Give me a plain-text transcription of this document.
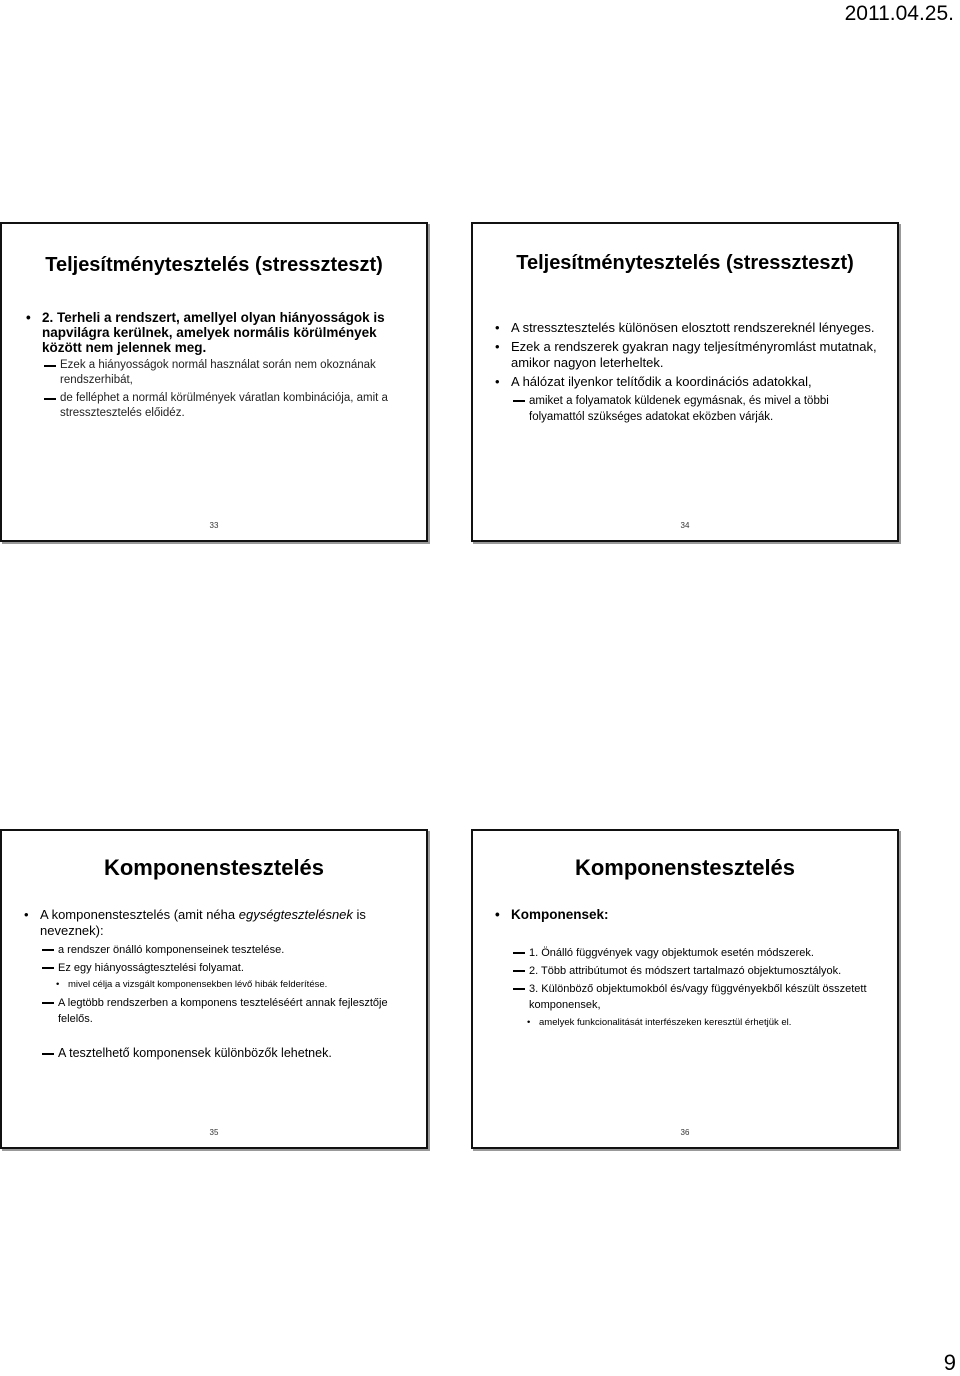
2011.04.25.
Teljesítménytesztelés (stresszteszt)
• 2. Terheli a rendszert, amellyel olyan hiányosságok is napvilágra kerülnek, amelyek normális körülmények között nem jelennek meg.
Ezek a hiányosságok normál használat során nem okoznának rendszerhibát,
de felléphet a normál körülmények váratlan kombinációja, amit a stressztesztelés előidéz.
33
Teljesítménytesztelés (stresszteszt)
• A stressztesztelés különösen elosztott rendszereknél lényeges.
• Ezek a rendszerek gyakran nagy teljesítményromlást mutatnak, amikor nagyon leterheltek.
• A hálózat ilyenkor telítődik a koordinációs adatokkal,
amiket a folyamatok küldenek egymásnak, és mivel a többi folyamattól szükséges adatokat eközben várják.
34
Komponenstesztelés
• A komponenstesztelés (amit néha egységtesztelésnek is neveznek):
a rendszer önálló komponenseinek tesztelése.
Ez egy hiányosságtesztelési folyamat.
• mivel célja a vizsgált komponensekben lévő hibák felderítése.
A legtöbb rendszerben a komponens teszteléséért annak fejlesztője felelős.
A tesztelhető komponensek különbözők lehetnek.
35
Komponenstesztelés
• Komponensek:
1. Önálló függvények vagy objektumok esetén módszerek.
2. Több attribútumot és módszert tartalmazó objektumosztályok.
3. Különböző objektumokból és/vagy függvényekből készült összetett komponensek,
• amelyek funkcionalitását interfészeken keresztül érhetjük el.
36
9
